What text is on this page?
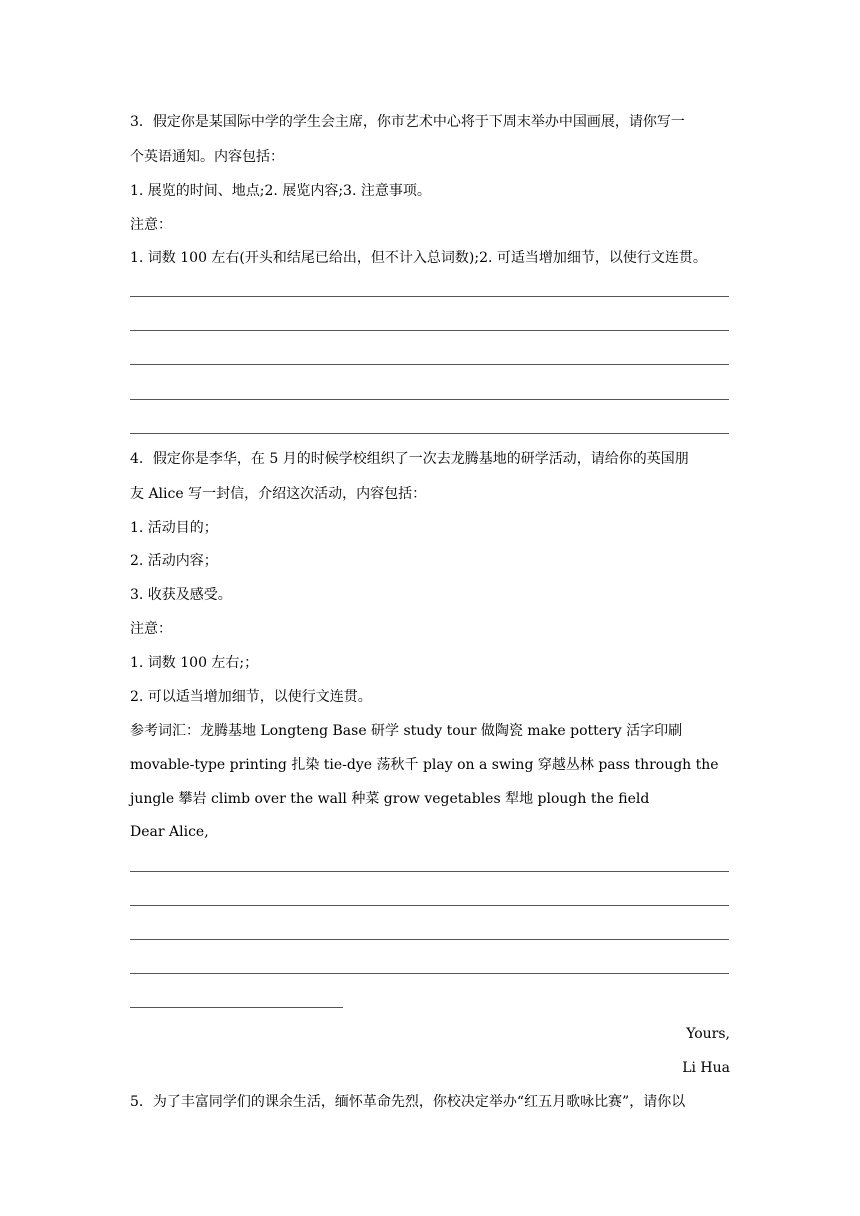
3．假定你是某国际中学的学生会主席，你市艺术中心将于下周末举办中国画展，请你写一
个英语通知。内容包括：
1. 展览的时间、地点;2. 展览内容;3. 注意事项。
注意：
1. 词数 100 左右(开头和结尾已给出，但不计入总词数);2. 可适当增加细节，以使行文连贯。
4．假定你是李华，在 5 月的时候学校组织了一次去龙腾基地的研学活动，请给你的英国朋
友 Alice 写一封信，介绍这次活动，内容包括：
1. 活动目的；
2. 活动内容；
3. 收获及感受。
注意：
1. 词数 100 左右;；
2. 可以适当增加细节，以使行文连贯。
参考词汇：龙腾基地 Longteng Base 研学 study tour 做陶瓷 make pottery 活字印刷
movable-type printing 扎染 tie-dye 荡秋千 play on a swing 穿越丛林 pass through the
jungle 攀岩 climb over the wall 种菜 grow vegetables 犁地 plough the field
Dear Alice,
Yours,
Li Hua
5．为了丰富同学们的课余生活，缅怀革命先烈，你校决定举办“红五月歌咏比赛”，请你以
